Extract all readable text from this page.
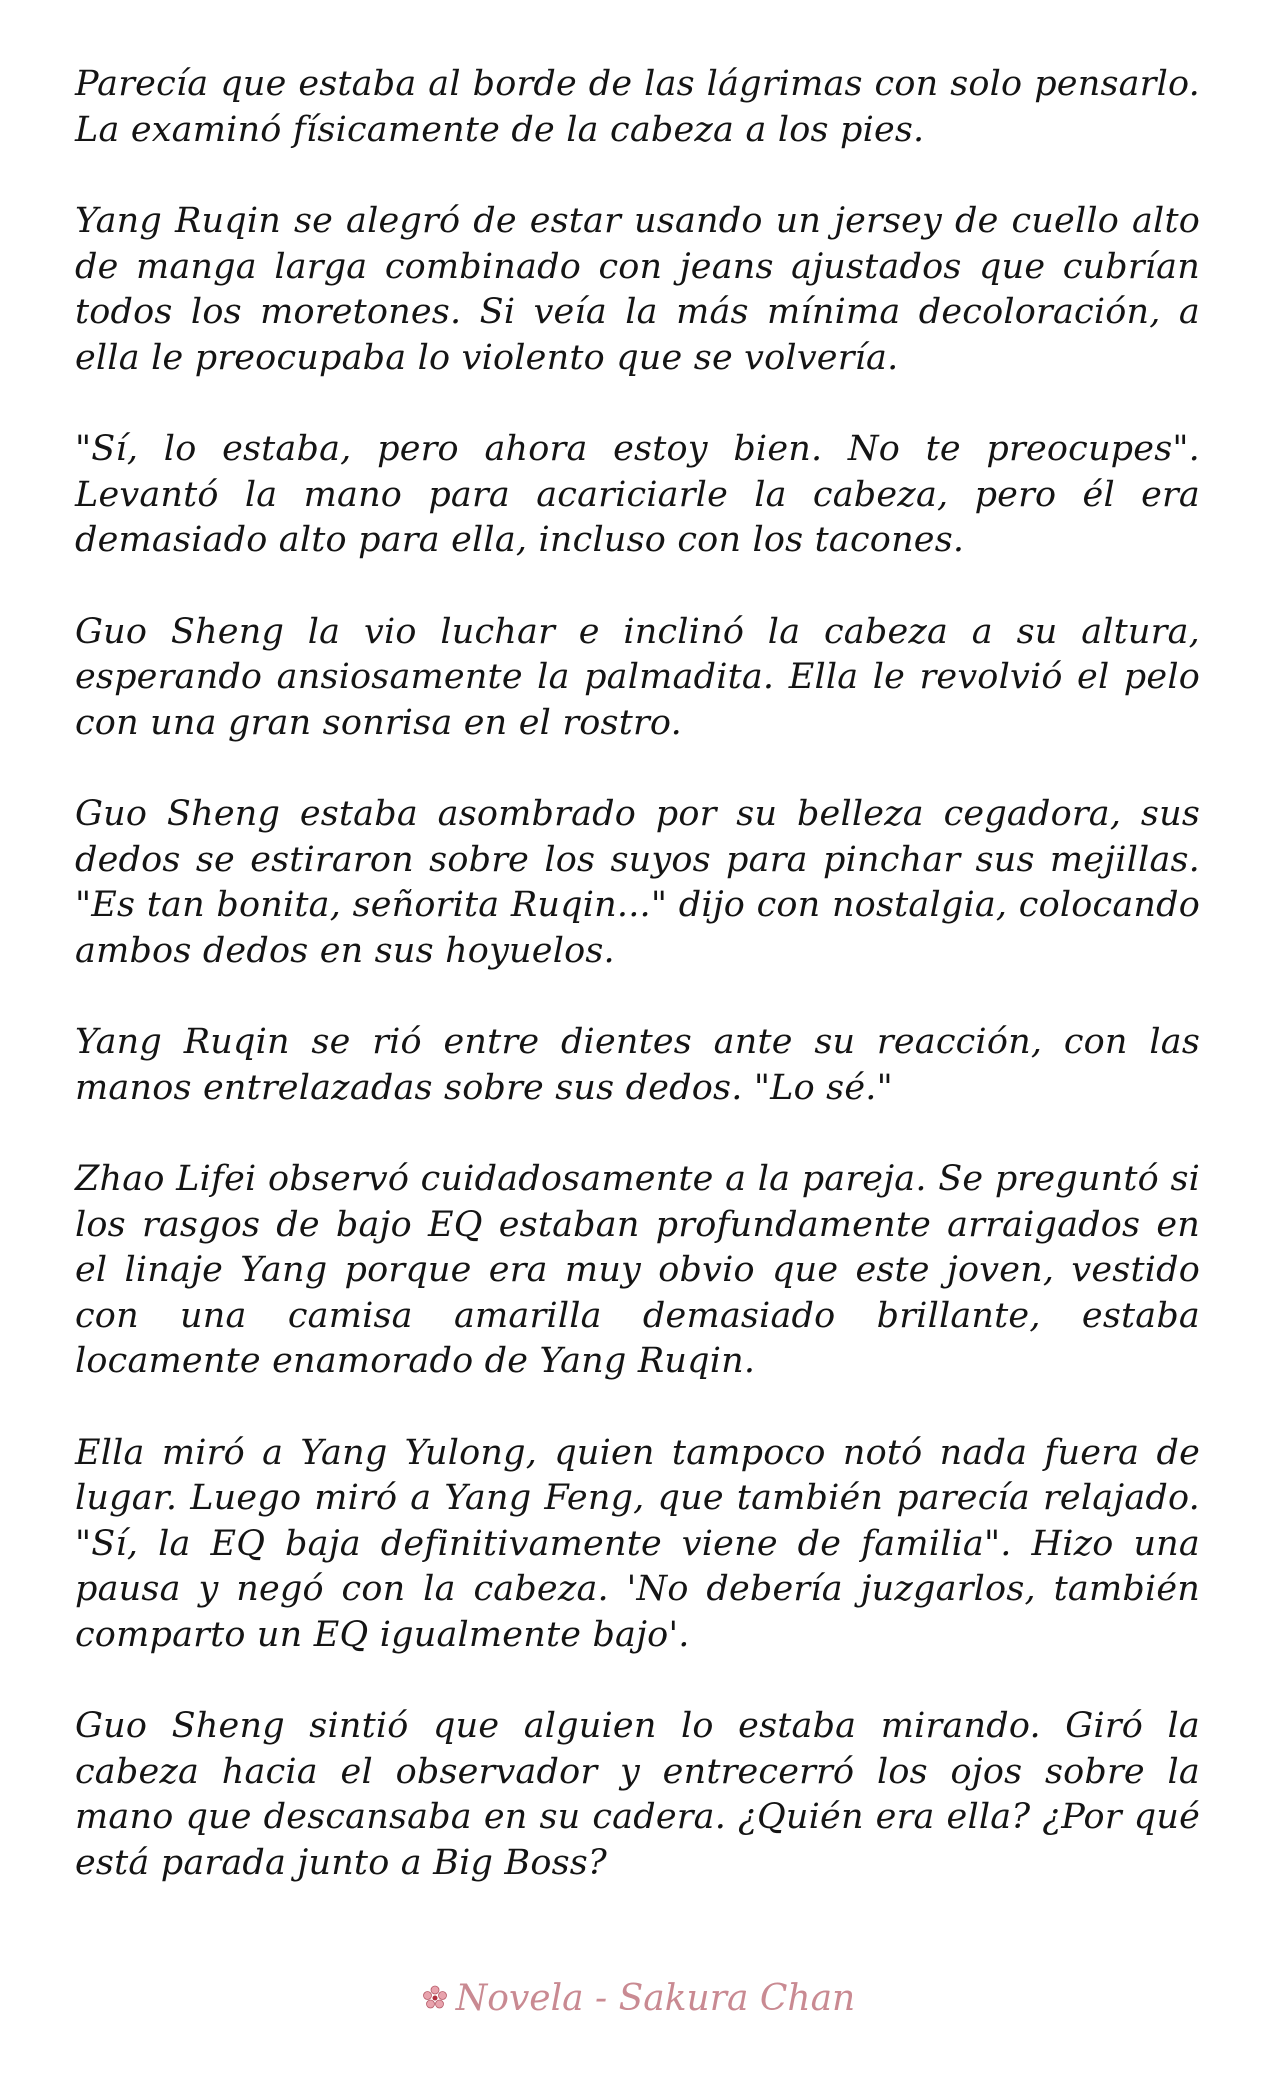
Parecía que estaba al borde de las lágrimas con solo pensarlo. La examinó físicamente de la cabeza a los pies.

Yang Ruqin se alegró de estar usando un jersey de cuello alto de manga larga combinado con jeans ajustados que cubrían todos los moretones. Si veía la más mínima decoloración, a ella le preocupaba lo violento que se volvería.

"Sí, lo estaba, pero ahora estoy bien. No te preocupes". Levantó la mano para acariciarle la cabeza, pero él era demasiado alto para ella, incluso con los tacones.

Guo Sheng la vio luchar e inclinó la cabeza a su altura, esperando ansiosamente la palmadita. Ella le revolvió el pelo con una gran sonrisa en el rostro.

Guo Sheng estaba asombrado por su belleza cegadora, sus dedos se estiraron sobre los suyos para pinchar sus mejillas. "Es tan bonita, señorita Ruqin..." dijo con nostalgia, colocando ambos dedos en sus hoyuelos.

Yang Ruqin se rió entre dientes ante su reacción, con las manos entrelazadas sobre sus dedos. "Lo sé."

Zhao Lifei observó cuidadosamente a la pareja. Se preguntó si los rasgos de bajo EQ estaban profundamente arraigados en el linaje Yang porque era muy obvio que este joven, vestido con una camisa amarilla demasiado brillante, estaba locamente enamorado de Yang Ruqin.

Ella miró a Yang Yulong, quien tampoco notó nada fuera de lugar. Luego miró a Yang Feng, que también parecía relajado. "Sí, la EQ baja definitivamente viene de familia". Hizo una pausa y negó con la cabeza. 'No debería juzgarlos, también comparto un EQ igualmente bajo'.

Guo Sheng sintió que alguien lo estaba mirando. Giró la cabeza hacia el observador y entrecerró los ojos sobre la mano que descansaba en su cadera. ¿Quién era ella? ¿Por qué está parada junto a Big Boss?

Novela - Sakura Chan
